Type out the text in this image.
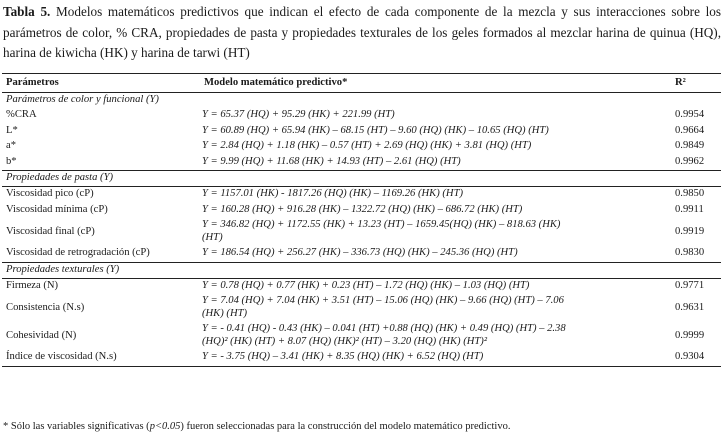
Tabla 5. Modelos matemáticos predictivos que indican el efecto de cada componente de la mezcla y sus interacciones sobre los parámetros de color, % CRA, propiedades de pasta y propiedades texturales de los geles formados al mezclar harina de quinua (HQ), harina de kiwicha (HK) y harina de tarwi (HT)
Parámetros	Modelo matemático predictivo*	R²
Parámetros de color y funcional (Y)		
%CRA	Y = 65.37 (HQ) + 95.29 (HK) + 221.99 (HT)	0.9954
L*	Y = 60.89 (HQ) + 65.94 (HK) – 68.15 (HT) – 9.60 (HQ) (HK) – 10.65 (HQ) (HT)	0.9664
a*	Y = 2.84 (HQ) + 1.18 (HK) – 0.57 (HT) + 2.69 (HQ) (HK) + 3.81 (HQ) (HT)	0.9849
b*	Y = 9.99 (HQ) + 11.68 (HK) + 14.93 (HT) – 2.61 (HQ) (HT)	0.9962
Propiedades de pasta (Y)		
Viscosidad pico (cP)	Y = 1157.01 (HK) - 1817.26 (HQ) (HK) – 1169.26 (HK) (HT)	0.9850
Viscosidad mínima (cP)	Y = 160.28 (HQ) + 916.28 (HK) – 1322.72 (HQ) (HK) – 686.72 (HK) (HT)	0.9911
Viscosidad final (cP)	Y = 346.82 (HQ) + 1172.55 (HK) + 13.23 (HT) – 1659.45(HQ) (HK) – 818.63 (HK)
(HT)	0.9919
Viscosidad de retrogradación (cP)	Y = 186.54 (HQ) + 256.27 (HK) – 336.73 (HQ) (HK) – 245.36 (HQ) (HT)	0.9830
Propiedades texturales (Y)		
Firmeza (N)	Y = 0.78 (HQ) + 0.77 (HK) + 0.23 (HT) – 1.72 (HQ) (HK) – 1.03 (HQ) (HT)	0.9771
Consistencia (N.s)	Y = 7.04 (HQ) + 7.04 (HK) + 3.51 (HT) – 15.06 (HQ) (HK) – 9.66 (HQ) (HT) – 7.06
(HK) (HT)	0.9631
Cohesividad (N)	Y = - 0.41 (HQ) - 0.43 (HK) – 0.041 (HT) +0.88 (HQ) (HK) + 0.49 (HQ) (HT) – 2.38
(HQ)² (HK) (HT) + 8.07 (HQ) (HK)² (HT) – 3.20 (HQ) (HK) (HT)²	0.9999
Índice de viscosidad (N.s)	Y = - 3.75 (HQ) – 3.41 (HK) + 8.35 (HQ) (HK) + 6.52 (HQ) (HT)	0.9304
* Sólo las variables significativas (p<0.05) fueron seleccionadas para la construcción del modelo matemático predictivo.
